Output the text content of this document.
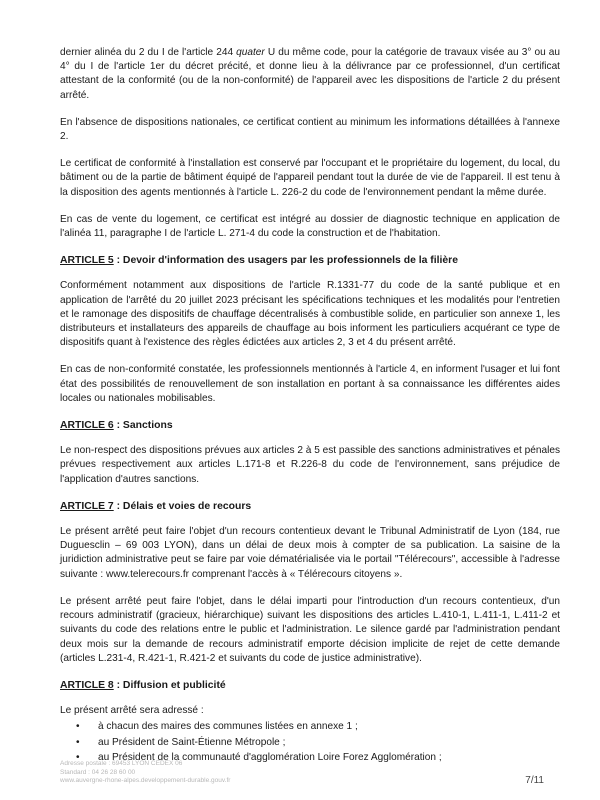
dernier alinéa du 2 du I de l'article 244 quater U du même code, pour la catégorie de travaux visée au 3° ou au 4° du I de l'article 1er du décret précité, et donne lieu à la délivrance par ce professionnel, d'un certificat attestant de la conformité (ou de la non-conformité) de l'appareil avec les dispositions de l'article 2 du présent arrêté.

En l'absence de dispositions nationales, ce certificat contient au minimum les informations détaillées à l'annexe 2.

Le certificat de conformité à l'installation est conservé par l'occupant et le propriétaire du logement, du local, du bâtiment ou de la partie de bâtiment équipé de l'appareil pendant tout la durée de vie de l'appareil. Il est tenu à la disposition des agents mentionnés à l'article L. 226-2 du code de l'environnement pendant la même durée.

En cas de vente du logement, ce certificat est intégré au dossier de diagnostic technique en application de l'alinéa 11, paragraphe I de l'article L. 271-4 du code la construction et de l'habitation.

ARTICLE 5 : Devoir d'information des usagers par les professionnels de la filière

Conformément notamment aux dispositions de l'article R.1331-77 du code de la santé publique et en application de l'arrêté du 20 juillet 2023 précisant les spécifications techniques et les modalités pour l'entretien et le ramonage des dispositifs de chauffage décentralisés à combustible solide, en particulier son annexe 1, les distributeurs et installateurs des appareils de chauffage au bois informent les particuliers acquérant ce type de dispositifs quant à l'existence des règles édictées aux articles 2, 3 et 4 du présent arrêté.

En cas de non-conformité constatée, les professionnels mentionnés à l'article 4, en informent l'usager et lui font état des possibilités de renouvellement de son installation en portant à sa connaissance les différentes aides locales ou nationales mobilisables.

ARTICLE 6 : Sanctions

Le non-respect des dispositions prévues aux articles 2 à 5 est passible des sanctions administratives et pénales prévues respectivement aux articles L.171-8 et R.226-8 du code de l'environnement, sans préjudice de l'application d'autres sanctions.

ARTICLE 7 : Délais et voies de recours

Le présent arrêté peut faire l'objet d'un recours contentieux devant le Tribunal Administratif de Lyon (184, rue Duguesclin – 69 003 LYON), dans un délai de deux mois à compter de sa publication. La saisine de la juridiction administrative peut se faire par voie dématérialisée via le portail "Télérecours", accessible à l'adresse suivante : www.telerecours.fr comprenant l'accès à « Télérecours citoyens ».

Le présent arrêté peut faire l'objet, dans le délai imparti pour l'introduction d'un recours contentieux, d'un recours administratif (gracieux, hiérarchique) suivant les dispositions des articles L.410-1, L.411-1, L.411-2 et suivants du code des relations entre le public et l'administration. Le silence gardé par l'administration pendant deux mois sur la demande de recours administratif emporte décision implicite de rejet de cette demande (articles L.231-4, R.421-1, R.421-2 et suivants du code de justice administrative).

ARTICLE 8 : Diffusion et publicité

Le présent arrêté sera adressé :

• à chacun des maires des communes listées en annexe 1 ;
• au Président de Saint-Étienne Métropole ;
• au Président de la communauté d'agglomération Loire Forez Agglomération ;
Adresse postale : 69453 LYON CEDEX 06
Standard : 04 26 28 60 00
www.auvergne-rhone-alpes.developpement-durable.gouv.fr	7/11
